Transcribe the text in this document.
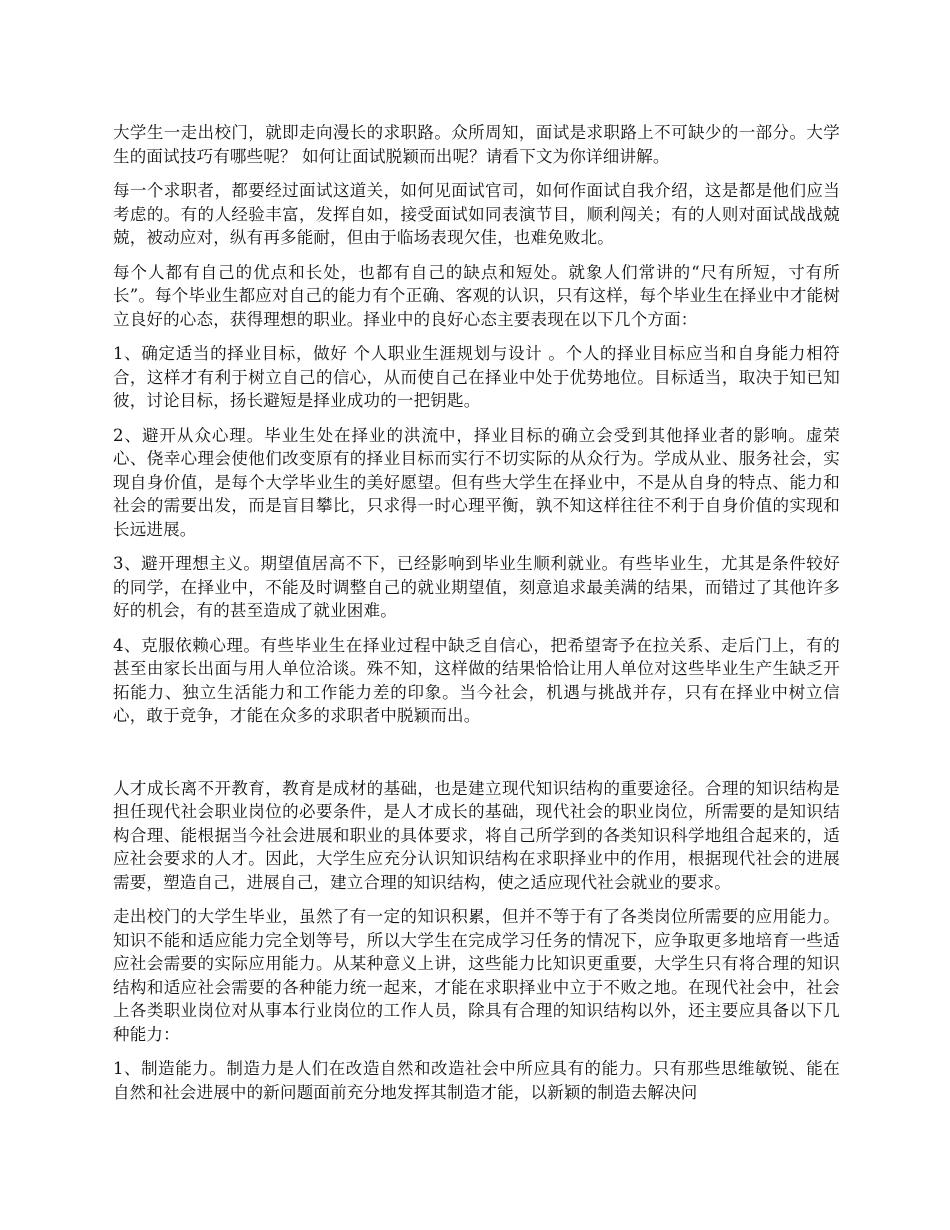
大学生一走出校门，就即走向漫长的求职路。众所周知，面试是求职路上不可缺少的一部分。大学生的面试技巧有哪些呢？ 如何让面试脱颖而出呢？请看下文为你详细讲解。

每一个求职者，都要经过面试这道关，如何见面试官司，如何作面试自我介绍，这是都是他们应当考虑的。有的人经验丰富，发挥自如，接受面试如同表演节目，顺利闯关；有的人则对面试战战兢兢，被动应对，纵有再多能耐，但由于临场表现欠佳，也难免败北。

每个人都有自己的优点和长处，也都有自己的缺点和短处。就象人们常讲的“尺有所短，寸有所长”。每个毕业生都应对自己的能力有个正确、客观的认识，只有这样，每个毕业生在择业中才能树立良好的心态，获得理想的职业。择业中的良好心态主要表现在以下几个方面：

1、确定适当的择业目标，做好 个人职业生涯规划与设计 。个人的择业目标应当和自身能力相符合，这样才有利于树立自己的信心，从而使自己在择业中处于优势地位。目标适当，取决于知已知彼，讨论目标，扬长避短是择业成功的一把钥匙。

2、避开从众心理。毕业生处在择业的洪流中，择业目标的确立会受到其他择业者的影响。虚荣心、侥幸心理会使他们改变原有的择业目标而实行不切实际的从众行为。学成从业、服务社会，实现自身价值，是每个大学毕业生的美好愿望。但有些大学生在择业中，不是从自身的特点、能力和社会的需要出发，而是盲目攀比，只求得一时心理平衡，孰不知这样往往不利于自身价值的实现和长远进展。

3、避开理想主义。期望值居高不下，已经影响到毕业生顺利就业。有些毕业生，尤其是条件较好的同学，在择业中，不能及时调整自己的就业期望值，刻意追求最美满的结果，而错过了其他许多好的机会，有的甚至造成了就业困难。

4、克服依赖心理。有些毕业生在择业过程中缺乏自信心，把希望寄予在拉关系、走后门上，有的甚至由家长出面与用人单位洽谈。殊不知，这样做的结果恰恰让用人单位对这些毕业生产生缺乏开拓能力、独立生活能力和工作能力差的印象。当今社会，机遇与挑战并存，只有在择业中树立信心，敢于竞争，才能在众多的求职者中脱颖而出。

人才成长离不开教育，教育是成材的基础，也是建立现代知识结构的重要途径。合理的知识结构是担任现代社会职业岗位的必要条件，是人才成长的基础，现代社会的职业岗位，所需要的是知识结构合理、能根据当今社会进展和职业的具体要求，将自己所学到的各类知识科学地组合起来的，适应社会要求的人才。因此，大学生应充分认识知识结构在求职择业中的作用，根据现代社会的进展需要，塑造自己，进展自己，建立合理的知识结构，使之适应现代社会就业的要求。

走出校门的大学生毕业，虽然了有一定的知识积累，但并不等于有了各类岗位所需要的应用能力。知识不能和适应能力完全划等号，所以大学生在完成学习任务的情况下，应争取更多地培育一些适应社会需要的实际应用能力。从某种意义上讲，这些能力比知识更重要，大学生只有将合理的知识结构和适应社会需要的各种能力统一起来，才能在求职择业中立于不败之地。在现代社会中，社会上各类职业岗位对从事本行业岗位的工作人员，除具有合理的知识结构以外，还主要应具备以下几种能力：

1、制造能力。制造力是人们在改造自然和改造社会中所应具有的能力。只有那些思维敏锐、能在自然和社会进展中的新问题面前充分地发挥其制造才能，以新颖的制造去解决问
